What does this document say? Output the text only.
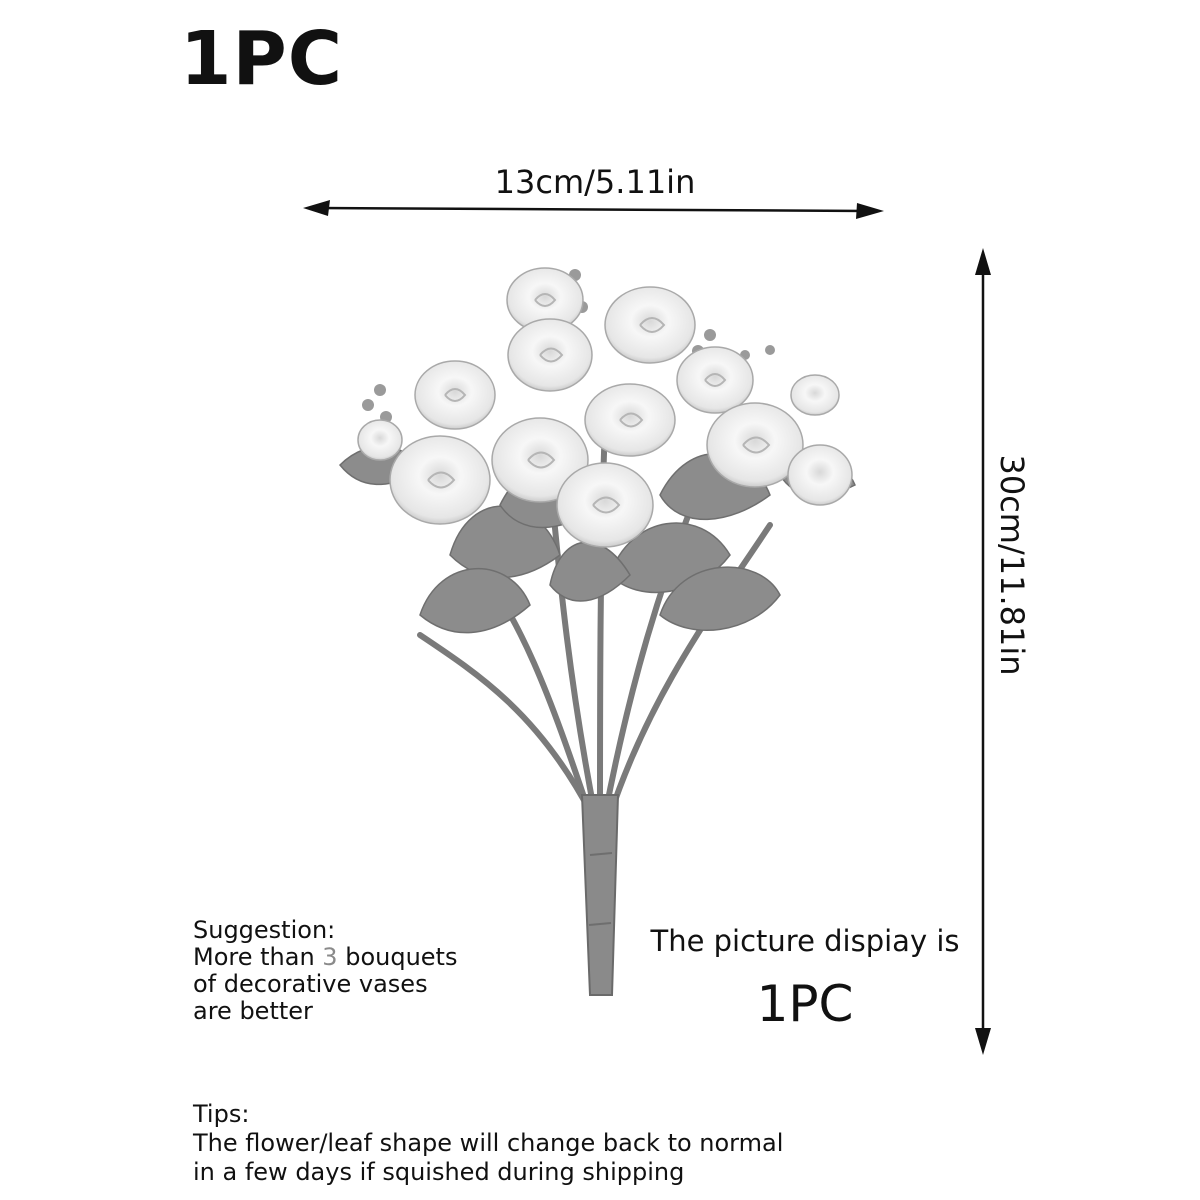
1PC
13cm/5.11in
30cm/11.81in
Suggestion:
More than 3 bouquets
of decorative vases
are better
The picture dispiay is
1PC
Tips:
The flower/leaf shape will change back to normal
in a few days if squished during shipping
